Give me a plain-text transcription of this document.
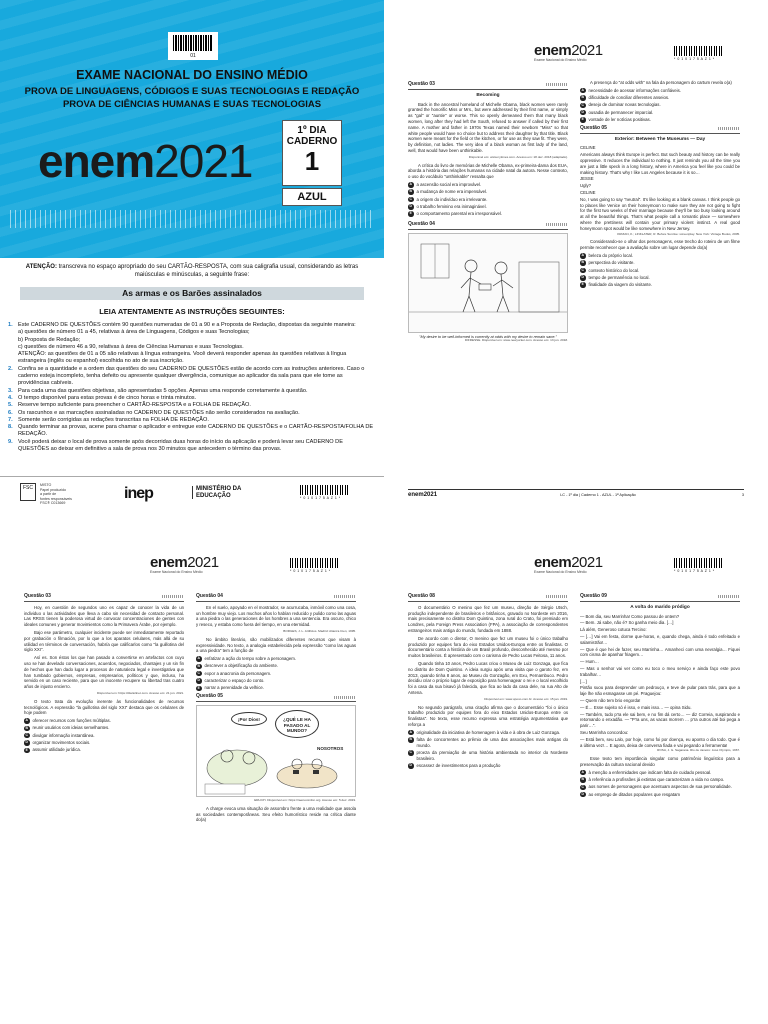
01
EXAME NACIONAL DO ENSINO MÉDIO
PROVA DE LINGUAGENS, CÓDIGOS E SUAS TECNOLOGIAS E REDAÇÃO
PROVA DE CIÊNCIAS HUMANAS E SUAS TECNOLOGIAS
enem2021
1º DIA
CADERNO
1
AZUL
ATENÇÃO: transcreva no espaço apropriado do seu CARTÃO-RESPOSTA, com sua caligrafia usual, considerando as letras maiúsculas e minúsculas, a seguinte frase:
As armas e os Barões assinalados
LEIA ATENTAMENTE AS INSTRUÇÕES SEGUINTES:
1. Este CADERNO DE QUESTÕES contém 90 questões numeradas de 01 a 90 e a Proposta de Redação, dispostas da seguinte maneira:
a) questões de número 01 a 45, relativas à área de Linguagens, Códigos e suas Tecnologias;
b) Proposta de Redação;
c) questões de número 46 a 90, relativas à área de Ciências Humanas e suas Tecnologias.
ATENÇÃO: as questões de 01 a 05 são relativas à língua estrangeira. Você deverá responder apenas às questões relativas à língua estrangeira (inglês ou espanhol) escolhida no ato de sua inscrição.
2. Confira se a quantidade e a ordem das questões do seu CADERNO DE QUESTÕES estão de acordo com as instruções anteriores. Caso o caderno esteja incompleto, tenha defeito ou apresente qualquer divergência, comunique ao aplicador da sala para que ele tome as providências cabíveis.
3. Para cada uma das questões objetivas, são apresentadas 5 opções. Apenas uma responde corretamente à questão.
4. O tempo disponível para estas provas é de cinco horas e trinta minutos.
5. Reserve tempo suficiente para preencher o CARTÃO-RESPOSTA e a FOLHA DE REDAÇÃO.
6. Os rascunhos e as marcações assinaladas no CADERNO DE QUESTÕES não serão considerados na avaliação.
7. Somente serão corrigidas as redações transcritas na FOLHA DE REDAÇÃO.
8. Quando terminar as provas, acene para chamar o aplicador e entregue este CADERNO DE QUESTÕES e o CARTÃO-RESPOSTA/FOLHA DE REDAÇÃO.
9. Você poderá deixar o local de prova somente após decorridas duas horas do início da aplicação e poderá levar seu CADERNO DE QUESTÕES ao deixar em definitivo a sala de prova nos 30 minutos que antecedem o término das provas.
FSC	MISTO
Papel produzido
a partir de
fontes responsáveis
FSC® C013669
inep	MINISTÉRIO DA
EDUCAÇÃO	* 0 1 0 1 7 5 A Z 1 *
enem2021
Exame Nacional do Ensino Médio	* 0 1 0 1 7 5 A Z 1 *
Questão 03
Becoming
Back in the ancestral homeland of Michelle Obama, black women were rarely granted the honorific Miss or Mrs., but were addressed by their first name, or simply as "gal" or "auntie" or worse. This so openly demeaned them that many black women, long after they had left the South, refused to answer if called by their first name. A mother and father in 1970s Texas named their newborn "Miss" so that white people would have no choice but to address their daughter by that title. Black women were meant for the field or the kitchen, or for use as they saw fit. They were, by definition, not ladies. The very idea of a black woman as first lady of the land, well, that would have been unthinkable.
Disponível em: www.nytimes.com. Acesso em: 18 dez. 2018 (adaptado).
A crítica do livro de memórias de Michelle Obama, ex-primeira-dama dos EUA, aborda a história das relações humanas na cidade natal da autora. Nesse contexto, o uso do vocábulo "unthinkable" ressalta que
A	a ascensão social era improvável.
B	a mudança de nome era impensável.
C	a origem do indivíduo era irrelevante.
D	o trabalho feminino era inimaginável.
E	o comportamento parental era irresponsável.
Questão 04
"My desire to be well-informed is currently at odds with my desire to remain sane."
DIFRESSE. Disponível em: www.newyorker.com. Acesso em: 13 jun. 2018.
A presença do "at odds with" na fala da personagem do cartum revela o(a)
A	necessidade de acessar informações confiáveis.
B	dificuldade de conciliar diferentes anseios.
C	desejo de dominar novas tecnologias.
D	ousadia de permanecer imparcial.
E	vontade de ler notícias positivas.
Questão 05
Exterior: Between The Museums — Day
CELINE
Americans always think Europe is perfect. But such beauty and history can be really oppressive. It reduces the individual to nothing. It just reminds you all the time you are just a little speck in a long history, where in America you feel like you could be making history. That's why I like Los Angeles because it is so…
JESSE
Ugly?
CELINE
No, I was going to say "neutral". It's like looking at a blank canvas. I think people go to places like Venice on their honeymoon to make sure they are not going to fight for the first two weeks of their marriage because they'll be too busy looking around at all the beautiful things. That's what people call a romantic place — somewhere where the prettiness will contain your primary violent instinct. A real good honeymoon spot would be like somewhere in New Jersey.
KRIZAN, K.; LINKLATER, R. Before Sunrise: screenplay. New York: Vintage Books, 2005.
Considerando-se o olhar dos personagens, esse trecho do roteiro de um filme permite reconhecer que a avaliação sobre um lugar depende do(a)
A	beleza do próprio local.
B	perspectiva do visitante.
C	contexto histórico do local.
D	tempo de permanência no local.
E	finalidade da viagem do visitante.
enem2021	LC - 1º dia | Caderno 1 - AZUL - 1ª Aplicação	3
enem2021
Exame Nacional do Ensino Médio	* 0 1 0 1 7 5 A Z 1 *
Questão 03
Hoy, en cuestión de segundos uno es capaz de conocer la vida de un individuo o las actividades que lleva a cabo sin necesidad de contacto personal. Las RRSS tienen la poderosa virtud de convocar concentraciones de gentes con ideales comunes y generar movimientos como la Primavera Árabe, por ejemplo.
Bajo ese parámetro, cualquier incidente puede ser inmediatamente reportado por grabación o filmación, por lo que a los aparatos celulares, más allá de su utilidad en términos de conversación, habría que calificarlos como "la guillotina del siglo XXI".
Así es. Son éstos los que han pasado a convertirse en artefactos con cuyo uso se han develado conversaciones, acuerdos, negociados, chantajes y un sin fin de hechos que han dado lugar a procesos de naturaleza legal e investigativa que han tumbado gobiernos, empresas, empresarios, políticos y que, incluso, ha servido en un caso reciente, para que un inocente recupere su libertad tras cuatro años de injusto encierro.
Disponível em: https://diariolinet.com. Acesso em: 21 jun. 2021.
O texto trata da evolução inerente às funcionalidades de recursos tecnológicos. A expressão "la guillotina del siglo XXI" destaca que os celulares de hoje podem
A	oferecer recursos com funções múltiplas.
B	reunir usuários com ideias semelhantes.
C	divulgar informação instantânea.
D	organizar movimentos sociais.
E	assumir utilidade jurídica.
Questão 04
En el suelo, apoyado en el mostrador, se acurrucaba, inmóvil como una cosa, un hombre muy viejo. Los muchos años lo habían reducido y pulido como las aguas a una piedra o las generaciones de los hombres a una sentencia. Era oscuro, chico y reseco, y estaba como fuera del tiempo, en una eternidad.
BORGES, J. L. Artificios. Madrid: Alianza Cien, 1995.
No âmbito literário, são mobilizados diferentes recursos que visam à expressividade. No texto, a analogia estabelecida pela expressão "como las aguas a una piedra" tem a função de
A	enfatizar a ação do tempo sobre a personagem.
B	descrever a objetificação do ambiente.
C	expor a anacronia da personagem.
D	caracterizar o espaço do conto.
E	narrar a perenidade da velhice.
Questão 05
¡Por Dios!	¿QUÉ LE HA PASADO AL MUNDO?
NOSOTROS
ERLICH. Disponível em: https://raerucoinfon.org. Acesso em: 5 dez. 2019.
A charge evoca uma situação de assombro frente a uma realidade que assola as sociedades contemporâneas. Seu efeito humorístico reside na crítica diante do(a)
enem2021
Exame Nacional do Ensino Médio	* 0 1 0 1 7 5 A Z 1 *
Questão 08
O documentário O menino que fez um museu, direção de Sérgio Utsch, produção independente de brasileiros e britânicos, gravado no Nordeste em 2016, mais precisamente no distrito Dom Quintino, zona rural do Crato, foi premiado em Londres, pela Foreign Press Association (FPA), a associação de correspondentes estrangeiros mais antiga do mundo, fundada em 1888.
De acordo com o diretor, O menino que fez um museu foi o único trabalho produzido por equipes fora do eixo Estados Unidos-Europa entre os finalistas. O documentário conta a história de um Brasil profundo, desconhecido até mesmo por muitos brasileiros. É apresentado com o carisma de Pedro Lucas Feitosa, 11 anos.
Quando tinha 10 anos, Pedro Lucas criou o Museu de Luiz Gonzaga, que fica no distrito de Dom Quintino. A ideia surgiu após uma visita que o garoto fez, em 2013, quando tinha 8 anos, ao Museu do Gonzagão, em Exu, Pernambuco. Pedro decidiu criar o próprio lugar de exposição para homenagear o rei e o local escolhido foi a casa da sua bisavó já falecida, que fica ao lado da casa dele, na rua Alto de Antena.
Disponível em: www.opovo.com.br. Acesso em: 15 jan. 2019.
No segundo parágrafo, uma citação afirma que o documentário "foi o único trabalho produzido por equipes fora do eixo Estados Unidos-Europa entre os finalistas". No texto, esse recurso expressa uma estratégia argumentativa que reforça a
A	originalidade da iniciativa de homenagem à vida e à obra de Luiz Gonzaga.
B	falta de concorrentes ao prêmio de uma das associações mais antigas do mundo.
C	proeza da premiação de uma história ambientada no interior do Nordeste brasileiro.
D	escassez de investimentos para a produção
Questão 09
A volta do marido pródigo
— Bom dia, seu Marrinha! Como passou de ontem?
— Bem. Já sabe, não é? So ganha meio dia. […]
Lá além, Generoso cotuca Tercino:
— […] Vai em festa, dorme que-horas, e, quando chega, ainda é todo enfeitado e salamistrão!…
— Que é que hei de fazer, seu Marrinha… Amanheci com uma nevralgia… Fiquei com cisma de apanhar friagem…
— Hum…
— Mas o senhor vai ver como eu toco o meu serviço e ainda faço este povo trabalhar…
[…]
Pintão suou para desprender um pedrouço, e teve de pular para trás, para que a laje lhe não esmagasse um pé. Praguejou:
— Quem não tem brio engorda!
— É… Esse sujeito só é isso, e mais isso… — opina Sidu.
— Também, tudo p'ra ele sai bem, e no fim dá certo… — diz Correia, suspirando e retomando o enxadão. — "P'ra uns, as vacas morrem … p'ra outros até boi pega a parir…".
Seu Marrinha concordou:
— Está bem, seu Lalo, por hoje, como foi por doença, eu aponto o dia todo. Que é a última vez!… E agora, deixa de conversa fiada e vai pegando a ferramenta!
ROSA, J. G. Sagarana. Rio de Janeiro: José Olympio, 1967.
Esse texto tem importância singular como patrimônio linguístico para a preservação da cultura nacional devido
A	à menção a enfermidades que indicam falta de cuidado pessoal.
B	à referência a profissões já extintas que caracterizam a vida no campo.
C	aos nomes de personagens que acentuam aspectos de sua personalidade.
D	ao emprego de ditados populares que resgatam
